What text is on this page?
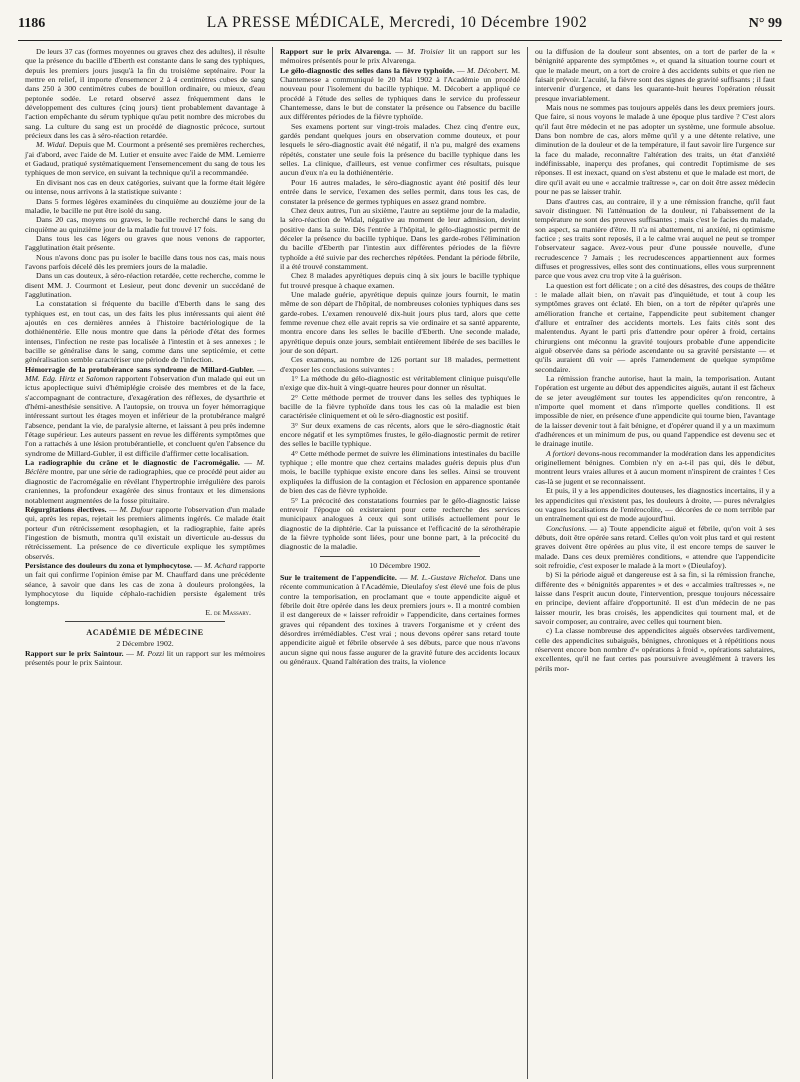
1186	LA PRESSE MÉDICALE, Mercredi, 10 Décembre 1902	N° 99

De leurs 37 cas (formes moyennes ou graves chez des adultes), il résulte que la présence du bacille d'Eberth est constante dans le sang des typhiques, depuis les premiers jours jusqu'à la fin du troisième septénaire. Pour la mettre en relief, il importe d'ensemencer 2 à 4 centimètres cubes de sang dans 250 à 300 centimètres cubes de bouillon ordinaire, ou mieux, d'eau peptonée sodée. Le retard observé assez fréquemment dans le développement des cultures (cinq jours) tient probablement davantage à l'action empêchante du sérum typhique qu'au petit nombre des microbes du sang. La culture du sang est un procédé de diagnostic précoce, surtout précieux dans les cas à séro-réaction retardée.

M. Widal. Depuis que M. Courmont a présenté ses premières recherches, j'ai d'abord, avec l'aide de M. Lutier et ensuite avec l'aide de MM. Lemierre et Gadaud, pratiqué systématiquement l'ensemencement du sang de tous les typhiques de mon service, en suivant la technique qu'il a recommandée.

En divisant nos cas en deux catégories, suivant que la forme était légère ou intense, nous arrivons à la statistique suivante :

Dans 5 formes légères examinées du cinquième au douzième jour de la maladie, le bacille ne put être isolé du sang.

Dans 20 cas, moyens ou graves, le bacille recherché dans le sang du cinquième au quinzième jour de la maladie fut trouvé 17 fois.

Dans tous les cas légers ou graves que nous venons de rapporter, l'agglutination était présente.

Nous n'avons donc pas pu isoler le bacille dans tous nos cas, mais nous l'avons parfois décelé dès les premiers jours de la maladie.

Dans un cas douteux, à séro-réaction retardée, cette recherche, comme le disent MM. J. Courmont et Lesieur, peut donc devenir un succédané de l'agglutination.

La constatation si fréquente du bacille d'Eberth dans le sang des typhiques est, en tout cas, un des faits les plus intéressants qui aient été ajoutés en ces dernières années à l'histoire bactériologique de la dothiénentérie. Elle nous montre que dans la période d'état des formes intenses, l'infection ne reste pas localisée à l'intestin et à ses annexes ; le bacille se généralise dans le sang, comme dans une septicémie, et cette généralisation semble caractériser une période de l'infection.

Hémorragie de la protubérance sans syndrome de Millard-Gubler. — MM. Edg. Hirtz et Salomon rapportent l'observation d'un malade qui eut un ictus apoplectique suivi d'hémiplégie croisée des membres et de la face, s'accompagnant de contracture, d'exagération des réflexes, de dysarthrie et d'hémi-anesthésie sensitive. A l'autopsie, on trouva un foyer hémorragique intéressant surtout les étages moyen et inférieur de la protubérance malgré l'absence, pendant la vie, de paralysie alterne, et laissant à peu près indemne l'étage supérieur. Les auteurs passent en revue les différents symptômes que l'on a rattachés à une lésion protubérantielle, et concluent qu'en l'absence du syndrome de Millard-Gubler, il est difficile d'affirmer cette localisation.

La radiographie du crâne et le diagnostic de l'acromégalie. — M. Béclère montre, par une série de radiographies, que ce procédé peut aider au diagnostic de l'acromégalie en révélant l'hypertrophie irrégulière des parois craniennes, la profondeur exagérée des sinus frontaux et les dimensions notablement augmentées de la fosse pituitaire.

Régurgitations électives. — M. Dufour rapporte l'observation d'un malade qui, après les repas, rejetait les premiers aliments ingérés. Ce malade était porteur d'un rétrécissement œsophagien, et la radiographie, faite après l'ingestion de bismuth, montra qu'il existait un diverticule au-dessus du rétrécissement. La présence de ce diverticule explique les symptômes observés.

Persistance des douleurs du zona et lymphocytose. — M. Achard rapporte un fait qui confirme l'opinion émise par M. Chauffard dans une précédente séance, à savoir que dans les cas de zona à douleurs prolongées, la lymphocytose du liquide céphalo-rachidien persiste également très longtemps.

E. de Massary.

ACADÉMIE DE MÉDECINE

2 Décembre 1902.

Rapport sur le prix Saintour. — M. Pozzi lit un rapport sur les mémoires présentés pour le prix Saintour.

Rapport sur le prix Alvarenga. — M. Troisier lit un rapport sur les mémoires présentés pour le prix Alvarenga.

Le gélo-diagnostic des selles dans la fièvre typhoïde. — M. Décobert. M. Chantemesse a communiqué le 20 Mai 1902 à l'Académie un procédé nouveau pour l'isolement du bacille typhique. M. Décobert a appliqué ce procédé à l'étude des selles de typhiques dans le service du professeur Chantemesse, dans le but de constater la présence ou l'absence du bacille aux différentes périodes de la fièvre typhoïde.

Ses examens portent sur vingt-trois malades. Chez cinq d'entre eux, gardés pendant quelques jours en observation comme douteux, et pour lesquels le séro-diagnostic avait été négatif, il n'a pu, malgré des examens répétés, constater une seule fois la présence du bacille typhique dans les selles. La clinique, d'ailleurs, est venue confirmer ces résultats, puisque aucun d'eux n'a eu la dothiénentérie.

Pour 16 autres malades, le séro-diagnostic ayant été positif dès leur entrée dans le service, l'examen des selles permit, dans tous les cas, de constater la présence de germes typhiques en assez grand nombre.

Chez deux autres, l'un au sixième, l'autre au septième jour de la maladie, la séro-réaction de Widal, négative au moment de leur admission, devint positive dans la suite. Dès l'entrée à l'hôpital, le gélo-diagnostic permit de déceler la présence du bacille typhique. Dans les garde-robes l'élimination du bacille d'Eberth par l'intestin aux différentes périodes de la fièvre typhoïde a été suivie par des recherches répétées. Pendant la période fébrile, il a été trouvé constamment.

Chez 8 malades apyrétiques depuis cinq à six jours le bacille typhique fut trouvé presque à chaque examen.

Une malade guérie, apyrétique depuis quinze jours fournit, le matin même de son départ de l'hôpital, de nombreuses colonies typhiques dans ses garde-robes. L'examen renouvelé dix-huit jours plus tard, alors que cette femme revenue chez elle avait repris sa vie ordinaire et sa santé apparente, montra encore dans les selles le bacille d'Eberth. Une seconde malade, apyrétique depuis onze jours, semblait entièrement libérée de ses bacilles le jour de son départ.

Ces examens, au nombre de 126 portant sur 18 malades, permettent d'exposer les conclusions suivantes :

1° La méthode du gélo-diagnostic est véritablement clinique puisqu'elle n'exige que dix-huit à vingt-quatre heures pour donner un résultat.

2° Cette méthode permet de trouver dans les selles des typhiques le bacille de la fièvre typhoïde dans tous les cas où la maladie est bien caractérisée cliniquement et où le séro-diagnostic est positif.

3° Sur deux examens de cas récents, alors que le séro-diagnostic était encore négatif et les symptômes frustes, le gélo-diagnostic permit de retirer des selles le bacille typhique.

4° Cette méthode permet de suivre les éliminations intestinales du bacille typhique ; elle montre que chez certains malades guéris depuis plus d'un mois, le bacille typhique existe encore dans les selles. Ainsi se trouvent expliquées la diffusion de la contagion et l'éclosion en apparence spontanée de bien des cas de fièvre typhoïde.

5° La précocité des constatations fournies par le gélo-diagnostic laisse entrevoir l'époque où existeraient pour cette recherche des services municipaux analogues à ceux qui sont utilisés actuellement pour le diagnostic de la diphtérie. Car la puissance et l'efficacité de la sérothérapie de la fièvre typhoïde sont liées, pour une bonne part, à la précocité du diagnostic de la maladie.

10 Décembre 1902.

Sur le traitement de l'appendicite. — M. L.-Gustave Richelot. Dans une récente communication à l'Académie, Dieulafoy s'est élevé une fois de plus contre la temporisation, en proclamant que « toute appendicite aiguë et fébrile doit être opérée dans les deux premiers jours ». Il a montré combien il est dangereux de « laisser refroidir » l'appendicite, dans certaines formes graves qui répandent des toxines à travers l'organisme et y créent des désordres irrémédiables. C'est vrai ; nous devons opérer sans retard toute appendicite aiguë et fébrile observée à ses débuts, parce que nous n'avons aucun signe qui nous fasse augurer de la gravité future des accidents locaux ou généraux. Quand l'altération des traits, la violence

ou la diffusion de la douleur sont absentes, on a tort de parler de la « bénignité apparente des symptômes », et quand la situation tourne court et que le malade meurt, on a tort de croire à des accidents subits et que rien ne faisait prévoir. L'acuité, la fièvre sont des signes de gravité suffisants ; il faut intervenir d'urgence, et dans les quarante-huit heures l'opération réussit presque invariablement.

Mais nous ne sommes pas toujours appelés dans les deux premiers jours. Que faire, si nous voyons le malade à une époque plus tardive ? C'est alors qu'il faut être médecin et ne pas adopter un système, une formule absolue. Dans bon nombre de cas, alors même qu'il y a une détente relative, une diminution de la douleur et de la température, il faut savoir lire l'urgence sur la face du malade, reconnaître l'altération des traits, un état d'anxiété indéfinissable, inaperçu des profanes, qui contredit l'optimisme de ses réponses. Il est inexact, quand on s'est abstenu et que le malade est mort, de dire qu'il avait eu une « accalmie traîtresse », car on doit être assez médecin pour ne pas se laisser trahir.

Dans d'autres cas, au contraire, il y a une rémission franche, qu'il faut savoir distinguer. Ni l'atténuation de la douleur, ni l'abaissement de la température ne sont des preuves suffisantes ; mais c'est le facies du malade, son aspect, sa manière d'être. Il n'a ni abattement, ni anxiété, ni optimisme factice ; ses traits sont reposés, il a le calme vrai auquel ne peut se tromper l'observateur sagace. Avez-vous peur d'une poussée nouvelle, d'une recrudescence ? Jamais ; les recrudescences appartiennent aux formes diffuses et progressives, elles sont des continuations, elles vous surprennent parce que vous avez cru trop vite à la guérison.

La question est fort délicate ; on a cité des désastres, des coups de théâtre : le malade allait bien, on n'avait pas d'inquiétude, et tout à coup les symptômes graves ont éclaté. Eh bien, on a tort de répéter qu'après une amélioration franche et certaine, l'appendicite peut subitement changer d'allure et entraîner des accidents mortels. Les faits cités sont des malentendus. Ayant le parti pris d'attendre pour opérer à froid, certains chirurgiens ont méconnu la gravité toujours probable d'une appendicite aiguë observée dans sa période ascendante ou sa gravité persistante — et qu'ils auraient dû voir — après l'amendement de quelque symptôme secondaire.

La rémission franche autorise, haut la main, la temporisation. Autant l'opération est urgente au début des appendicites aiguës, autant il est fâcheux de se jeter aveuglément sur toutes les appendicites qu'on rencontre, à n'importe quel moment et dans n'importe quelles conditions. Il est impossible de nier, en présence d'une appendicite qui tourne bien, l'avantage de la laisser devenir tout à fait bénigne, et d'opérer quand il y a un maximum d'adhérences et un minimum de pus, ou quand l'appendice est devenu sec et le drainage inutile.

A fortiori devons-nous recommander la modération dans les appendicites originellement bénignes. Combien n'y en a-t-il pas qui, dès le début, montrent leurs vraies allures et à aucun moment n'inspirent de craintes ! Ces cas-là se jugent et se reconnaissent.

Et puis, il y a les appendicites douteuses, les diagnostics incertains, il y a les appendicites qui n'existent pas, les douleurs à droite, — pures névralgies ou vagues localisations de l'entérocolite, — décorées de ce nom terrible par un entraînement qui est de mode aujourd'hui.

Conclusions. — a) Toute appendicite aiguë et fébrile, qu'on voit à ses débuts, doit être opérée sans retard. Celles qu'on voit plus tard et qui restent graves doivent être opérées au plus vite, il est encore temps de sauver le malade. Dans ces deux premières conditions, « attendre que l'appendicite soit refroidie, c'est exposer le malade à la mort » (Dieulafoy).

b) Si la période aiguë et dangereuse est à sa fin, si la rémission franche, différente des « bénignités apparentes » et des « accalmies traîtresses », ne laisse dans l'esprit aucun doute, l'intervention, presque toujours nécessaire en principe, devient affaire d'opportunité. Il est d'un médecin de ne pas laisser mourir, les bras croisés, les appendicites qui tournent mal, et de savoir composer, au contraire, avec celles qui tournent bien.

c) La classe nombreuse des appendicites aiguës observées tardivement, celle des appendicites subaiguës, bénignes, chroniques et à répétitions nous réservent encore bon nombre d'« opérations à froid », opérations salutaires, excellentes, qu'il ne faut certes pas poursuivre aveuglément à travers les périls mor-
